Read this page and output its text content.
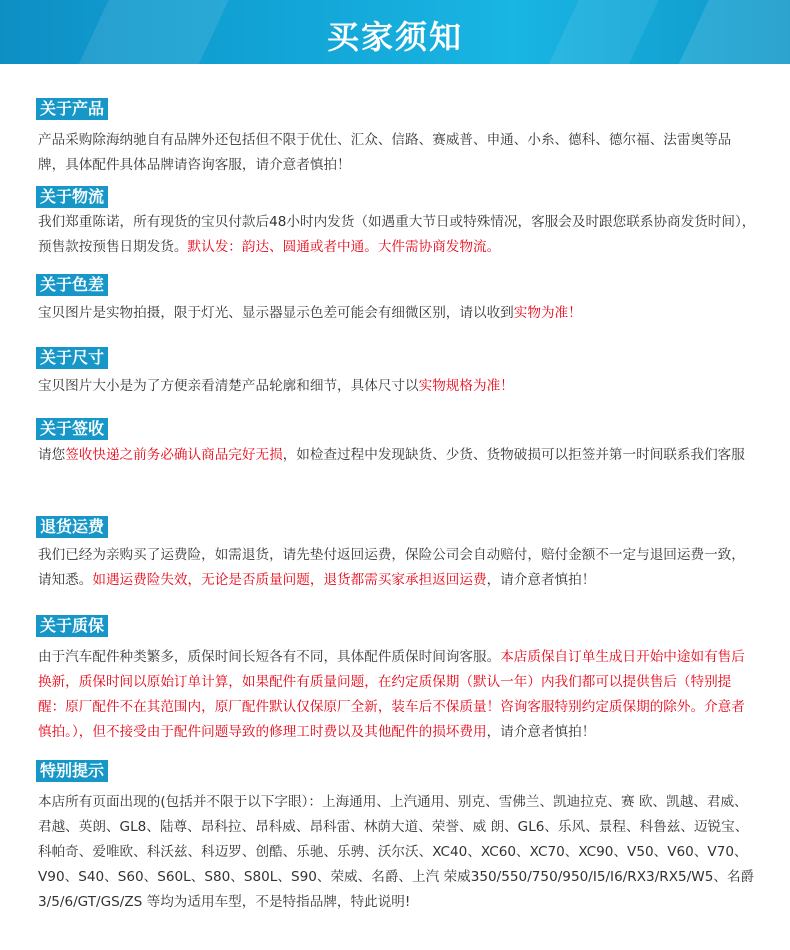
买家须知
关于产品
产品采购除海纳驰自有品牌外还包括但不限于优仕、汇众、信路、赛威普、申通、小糸、德科、德尔福、法雷奥等品牌，具体配件具体品牌请咨询客服，请介意者慎拍！
关于物流
我们郑重陈诺，所有现货的宝贝付款后48小时内发货（如遇重大节日或特殊情况，客服会及时跟您联系协商发货时间），预售款按预售日期发货。默认发：韵达、圆通或者中通。大件需协商发物流。
关于色差
宝贝图片是实物拍摄，限于灯光、显示器显示色差可能会有细微区别，请以收到实物为准！
关于尺寸
宝贝图片大小是为了方便亲看清楚产品轮廓和细节，具体尺寸以实物规格为准！
关于签收
请您签收快递之前务必确认商品完好无损，如检查过程中发现缺货、少货、货物破损可以拒签并第一时间联系我们客服
退货运费
我们已经为亲购买了运费险，如需退货，请先垫付返回运费，保险公司会自动赔付，赔付金额不一定与退回运费一致，请知悉。如遇运费险失效，无论是否质量问题，退货都需买家承担返回运费，请介意者慎拍！
关于质保
由于汽车配件种类繁多，质保时间长短各有不同，具体配件质保时间询客服。本店质保自订单生成日开始中途如有售后换新，质保时间以原始订单计算，如果配件有质量问题，在约定质保期（默认一年）内我们都可以提供售后（特别提醒：原厂配件不在其范围内，原厂配件默认仅保原厂全新，装车后不保质量！咨询客服特别约定质保期的除外。介意者慎拍。），但不接受由于配件问题导致的修理工时费以及其他配件的损坏费用，请介意者慎拍！
特别提示
本店所有页面出现的(包括并不限于以下字眼）：上海通用、上汽通用、别克、雪佛兰、凯迪拉克、赛 欧、凯越、君威、君越、英朗、GL8、陆尊、昂科拉、昂科威、昂科雷、林荫大道、荣誉、威 朗、GL6、乐风、景程、科鲁兹、迈锐宝、科帕奇、爱唯欧、科沃兹、科迈罗、创酷、乐驰、乐骋、沃尔沃、XC40、XC60、XC70、XC90、V50、V60、V70、V90、S40、S60、S60L、S80、S80L、S90、荣威、名爵、上汽 荣威350/550/750/950/I5/I6/RX3/RX5/W5、名爵 3/5/6/GT/GS/ZS 等均为适用车型，不是特指品牌，特此说明!
